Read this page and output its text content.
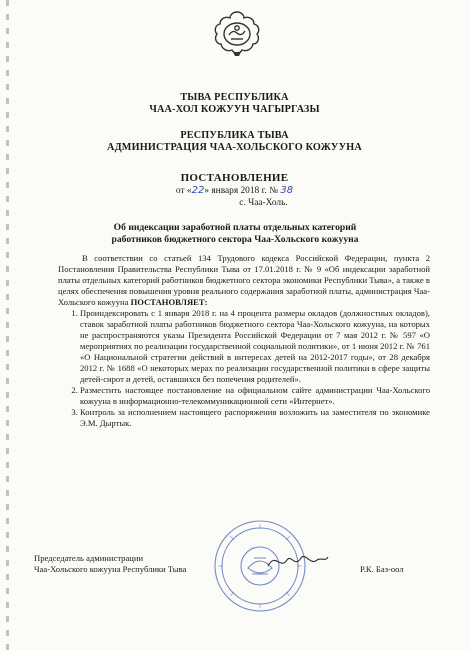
ТЫВА РЕСПУБЛИКА
ЧАА-ХОЛ КОЖУУН ЧАГЫРГАЗЫ
РЕСПУБЛИКА ТЫВА
АДМИНИСТРАЦИЯ ЧАА-ХОЛЬСКОГО КОЖУУНА
ПОСТАНОВЛЕНИЕ
от «22» января 2018 г. № 38
с. Чаа-Холь.
Об индексации заработной платы отдельных категорий
работников бюджетного сектора Чаа-Хольского кожууна

В соответствии со статьей 134 Трудового кодекса Российской Федерации, пункта 2 Постановления Правительства Республики Тыва от 17.01.2018 г. № 9 «Об индексации заработной платы отдельных категорий работников бюджетного сектора экономики Республики Тыва», а также в целях обеспечения повышения уровня реального содержания заработной платы, администрация Чаа-Хольского кожууна ПОСТАНОВЛЯЕТ:

1. Проиндексировать с 1 января 2018 г. на 4 процента размеры окладов (должностных окладов), ставок заработной платы работников бюджетного сектора Чаа-Хольского кожууна, на которых не распространяются указы Президента Российской Федерации от 7 мая 2012 г. № 597 «О мероприятиях по реализации государственной социальной политики», от 1 июня 2012 г. № 761 «О Национальной стратегии действий в интересах детей на 2012-2017 годы», от 28 декабря 2012 г. № 1688 «О некоторых мерах по реализации государственной политики в сфере защиты детей-сирот и детей, оставшихся без попечения родителей».
2. Разместить настоящее постановление на официальном сайте администрации Чаа-Хольского кожууна в информационно-телекоммуникационной сети «Интернет».
3. Контроль за исполнением настоящего распоряжения возложить на заместителя по экономике Э.М. Дыртык.
Председатель администрации
Чаа-Хольского кожууна Республики Тыва	Р.К. Баз-оол
